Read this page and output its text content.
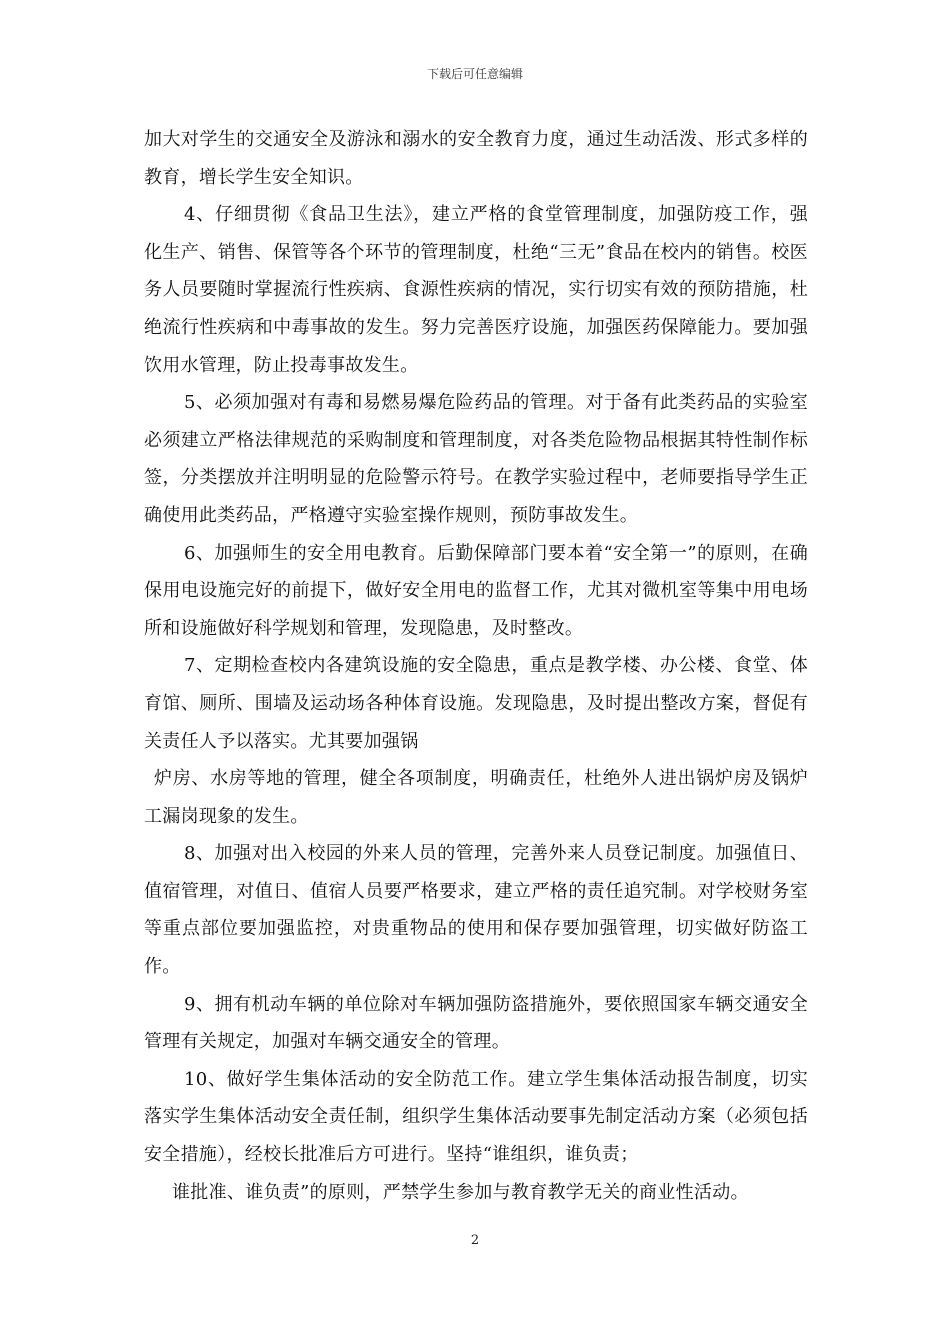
下载后可任意编辑

加大对学生的交通安全及游泳和溺水的安全教育力度，通过生动活泼、形式多样的教育，增长学生安全知识。

4、仔细贯彻《食品卫生法》，建立严格的食堂管理制度，加强防疫工作，强化生产、销售、保管等各个环节的管理制度，杜绝“三无”食品在校内的销售。校医务人员要随时掌握流行性疾病、食源性疾病的情况，实行切实有效的预防措施，杜绝流行性疾病和中毒事故的发生。努力完善医疗设施，加强医药保障能力。要加强饮用水管理，防止投毒事故发生。

5、必须加强对有毒和易燃易爆危险药品的管理。对于备有此类药品的实验室必须建立严格法律规范的采购制度和管理制度，对各类危险物品根据其特性制作标签，分类摆放并注明明显的危险警示符号。在教学实验过程中，老师要指导学生正确使用此类药品，严格遵守实验室操作规则，预防事故发生。

6、加强师生的安全用电教育。后勤保障部门要本着“安全第一”的原则，在确保用电设施完好的前提下，做好安全用电的监督工作，尤其对微机室等集中用电场所和设施做好科学规划和管理，发现隐患，及时整改。

7、定期检查校内各建筑设施的安全隐患，重点是教学楼、办公楼、食堂、体育馆、厕所、围墙及运动场各种体育设施。发现隐患，及时提出整改方案，督促有关责任人予以落实。尤其要加强锅

炉房、水房等地的管理，健全各项制度，明确责任，杜绝外人进出锅炉房及锅炉工漏岗现象的发生。

8、加强对出入校园的外来人员的管理，完善外来人员登记制度。加强值日、值宿管理，对值日、值宿人员要严格要求，建立严格的责任追究制。对学校财务室等重点部位要加强监控，对贵重物品的使用和保存要加强管理，切实做好防盗工作。

9、拥有机动车辆的单位除对车辆加强防盗措施外，要依照国家车辆交通安全管理有关规定，加强对车辆交通安全的管理。

10、做好学生集体活动的安全防范工作。建立学生集体活动报告制度，切实落实学生集体活动安全责任制，组织学生集体活动要事先制定活动方案（必须包括安全措施），经校长批准后方可进行。坚持“谁组织，谁负责；

谁批准、谁负责”的原则，严禁学生参加与教育教学无关的商业性活动。

2
